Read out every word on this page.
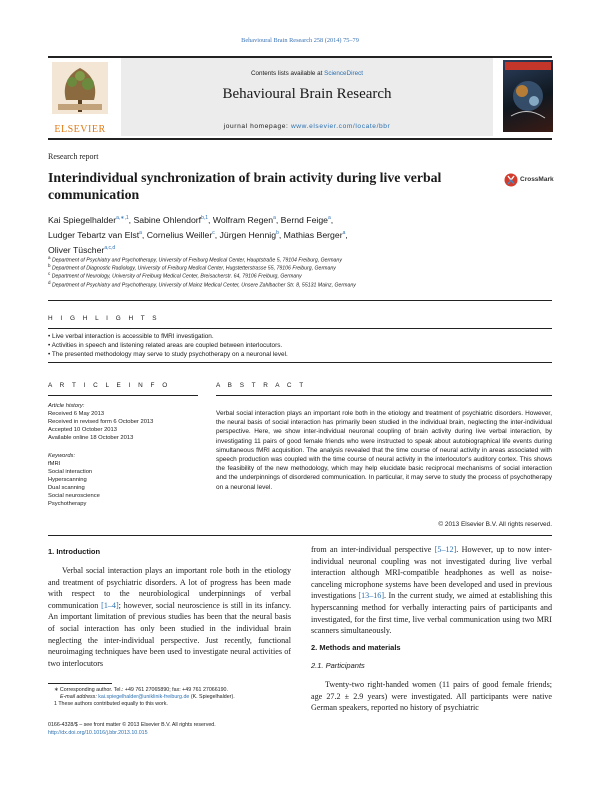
Behavioural Brain Research 258 (2014) 75–79
ELSEVIER
Contents lists available at ScienceDirect
Behavioural Brain Research
journal homepage: www.elsevier.com/locate/bbr
Research report
Interindividual synchronization of brain activity during live verbal
communication
CrossMark
Kai Spiegelhalder$^{a,∗,1}$, Sabine Ohlendorf$^{b,1}$, Wolfram Regen$^a$, Bernd Feige$^a$,
Ludger Tebartz van Elst$^a$, Cornelius Weiller$^c$, Jürgen Hennig$^b$, Mathias Berger$^a$,
Oliver Tüscher$^{a,c,d}$
$^a$ Department of Psychiatry and Psychotherapy, University of Freiburg Medical Center, Hauptstraße 5, 79104 Freiburg, Germany
$^b$ Department of Diagnostic Radiology, University of Freiburg Medical Center, Hugstetterstrasse 55, 79106 Freiburg, Germany
$^c$ Department of Neurology, University of Freiburg Medical Center, Breisacherstr. 64, 79106 Freiburg, Germany
$^d$ Department of Psychiatry and Psychotherapy, University of Mainz Medical Center, Unsere Zahlbacher Str. 8, 55131 Mainz, Germany
H I G H L I G H T S
• Live verbal interaction is accessible to fMRI investigation.
• Activities in speech and listening related areas are coupled between interlocutors.
• The presented methodology may serve to study psychotherapy on a neuronal level.
A R T I C L E I N F O	A B S T R A C T
Article history:
Received 6 May 2013
Received in revised form 6 October 2013
Accepted 10 October 2013
Available online 18 October 2013
Keywords:
fMRI
Social interaction
Hyperscanning
Dual scanning
Social neuroscience
Psychotherapy
Verbal social interaction plays an important role both in the etiology and treatment of psychiatric disorders. However, the neural basis of social interaction has primarily been studied in the individual brain, neglecting the inter-individual perspective. Here, we show inter-individual neuronal coupling of brain activity during live verbal interaction, by investigating 11 pairs of good female friends who were instructed to speak about autobiographical life events during simultaneous fMRI acquisition. The analysis revealed that the time course of neural activity in areas associated with speech production was coupled with the time course of neural activity in the interlocutor's auditory cortex. This shows the feasibility of the new methodology, which may help elucidate basic reciprocal mechanisms of social interaction and the underpinnings of disordered communication. In particular, it may serve to study the process of psychotherapy on a neuronal level.
© 2013 Elsevier B.V. All rights reserved.
1. Introduction
Verbal social interaction plays an important role both in the etiology and treatment of psychiatric disorders. A lot of progress has been made with respect to the neurobiological underpinnings of verbal communication [1–4]; however, social neuroscience is still in its infancy. An important limitation of previous studies has been that the neural basis of social interaction has only been studied in the individual brain neglecting the inter-individual perspective. Just recently, functional neuroimaging techniques have been used to investigate neural activities of two interlocutors
from an inter-individual perspective [5–12]. However, up to now inter-individual neuronal coupling was not investigated during live verbal interaction although MRI-compatible headphones as well as noise-canceling microphone systems have been developed and used in previous investigations [13–16]. In the current study, we aimed at establishing this hyperscanning method for verbally interacting pairs of participants and investigated, for the first time, live verbal communication using two MRI scanners simultaneously.
2. Methods and materials
2.1. Participants
Twenty-two right-handed women (11 pairs of good female friends; age 27.2 ± 2.9 years) were investigated. All participants were native German speakers, reported no history of psychiatric
∗ Corresponding author. Tel.: +49 761 27065890; fax: +49 761 27066190.
E-mail address: kai.spiegelhalder@uniklinik-freiburg.de (K. Spiegelhalder).
1 These authors contributed equally to this work.
0166-4328/$ – see front matter © 2013 Elsevier B.V. All rights reserved.
http://dx.doi.org/10.1016/j.bbr.2013.10.015
